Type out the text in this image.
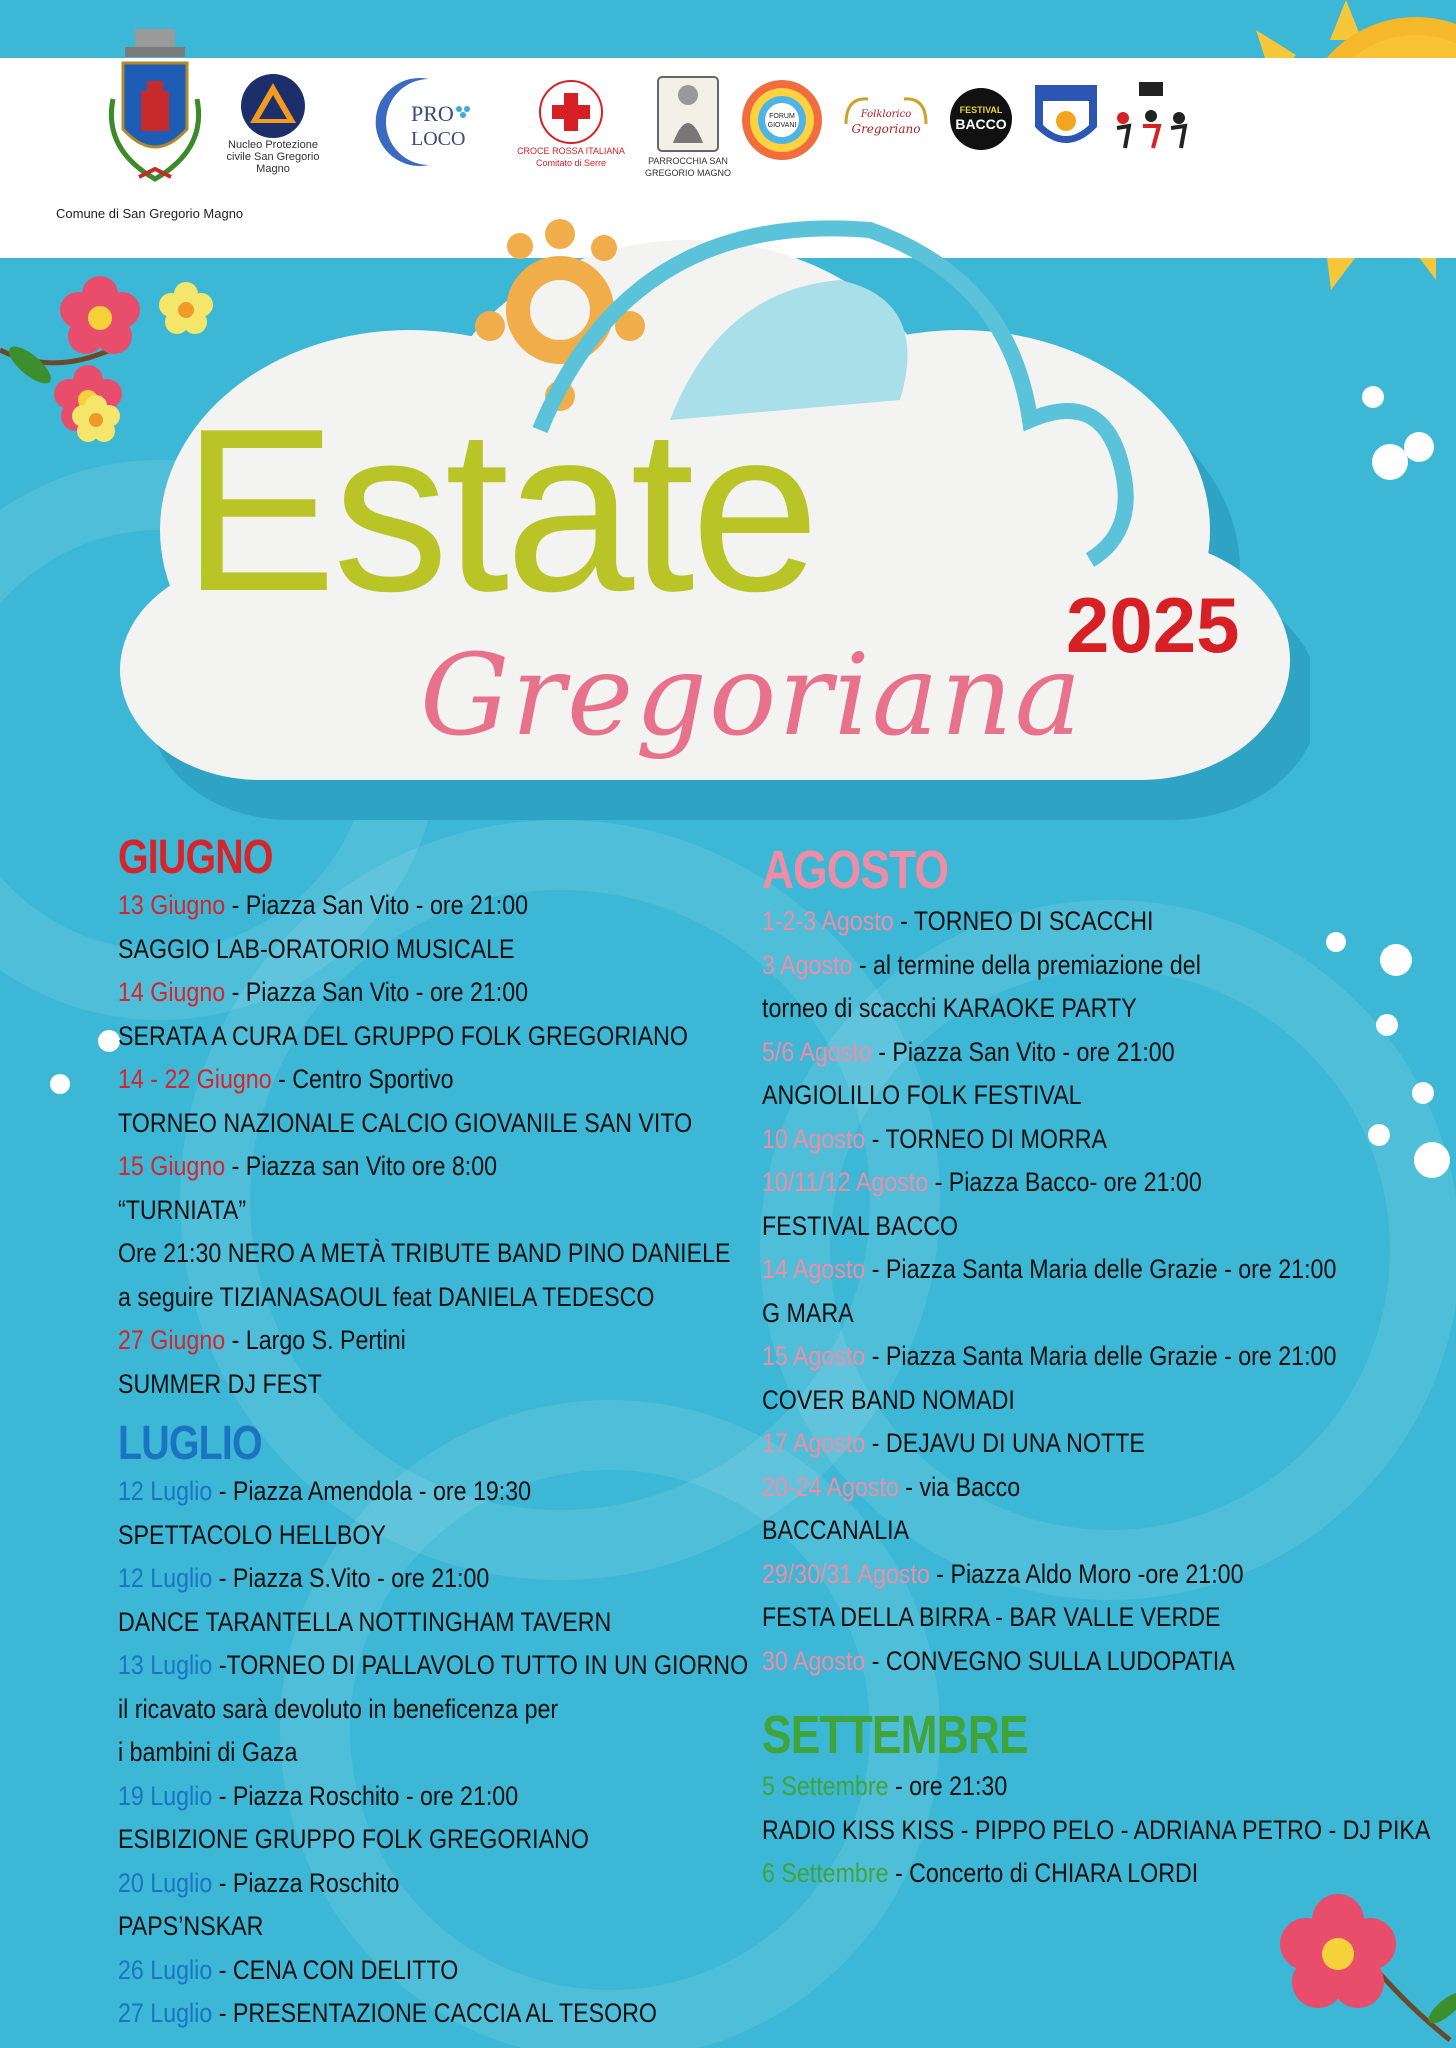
Nucleo Protezione civile San Gregorio Magno
PRO
LOCO
CROCE ROSSA ITALIANA Comitato di Serre	PARROCCHIA SAN GREGORIO MAGNO
FORUM
GIOVANI
Folklorico
Gregoriano
FESTIVAL
BACCO
Comune di San Gregorio Magno
Estate	2025
Gregoriana
GIUGNO
13 Giugno - Piazza San Vito - ore 21:00
SAGGIO LAB-ORATORIO MUSICALE
14 Giugno - Piazza San Vito - ore 21:00
SERATA A CURA DEL GRUPPO FOLK GREGORIANO
14 - 22 Giugno - Centro Sportivo
TORNEO NAZIONALE CALCIO GIOVANILE SAN VITO
15 Giugno - Piazza san Vito ore 8:00
“TURNIATA”
Ore 21:30 NERO A METÀ TRIBUTE BAND PINO DANIELE
a seguire TIZIANASAOUL feat DANIELA TEDESCO
27 Giugno - Largo S. Pertini
SUMMER DJ FEST
LUGLIO
12 Luglio - Piazza Amendola - ore 19:30
SPETTACOLO HELLBOY
12 Luglio - Piazza S.Vito - ore 21:00
DANCE TARANTELLA NOTTINGHAM TAVERN
13 Luglio -TORNEO DI PALLAVOLO TUTTO IN UN GIORNO
il ricavato sarà devoluto in beneficenza per
i bambini di Gaza
19 Luglio - Piazza Roschito - ore 21:00
ESIBIZIONE GRUPPO FOLK GREGORIANO
20 Luglio - Piazza Roschito
PAPS’NSKAR
26 Luglio - CENA CON DELITTO
27 Luglio - PRESENTAZIONE CACCIA AL TESORO
AGOSTO
1-2-3 Agosto - TORNEO DI SCACCHI
3 Agosto - al termine della premiazione del
torneo di scacchi KARAOKE PARTY
5/6 Agosto - Piazza San Vito - ore 21:00
ANGIOLILLO FOLK FESTIVAL
10 Agosto - TORNEO DI MORRA
10/11/12 Agosto - Piazza Bacco- ore 21:00
FESTIVAL BACCO
14 Agosto - Piazza Santa Maria delle Grazie - ore 21:00
G MARA
15 Agosto - Piazza Santa Maria delle Grazie - ore 21:00
COVER BAND NOMADI
17 Agosto - DEJAVU DI UNA NOTTE
20-24 Agosto - via Bacco
BACCANALIA
29/30/31 Agosto - Piazza Aldo Moro -ore 21:00
FESTA DELLA BIRRA - BAR VALLE VERDE
30 Agosto - CONVEGNO SULLA LUDOPATIA
SETTEMBRE
5 Settembre - ore 21:30
RADIO KISS KISS - PIPPO PELO - ADRIANA PETRO - DJ PIKA
6 Settembre - Concerto di CHIARA LORDI
